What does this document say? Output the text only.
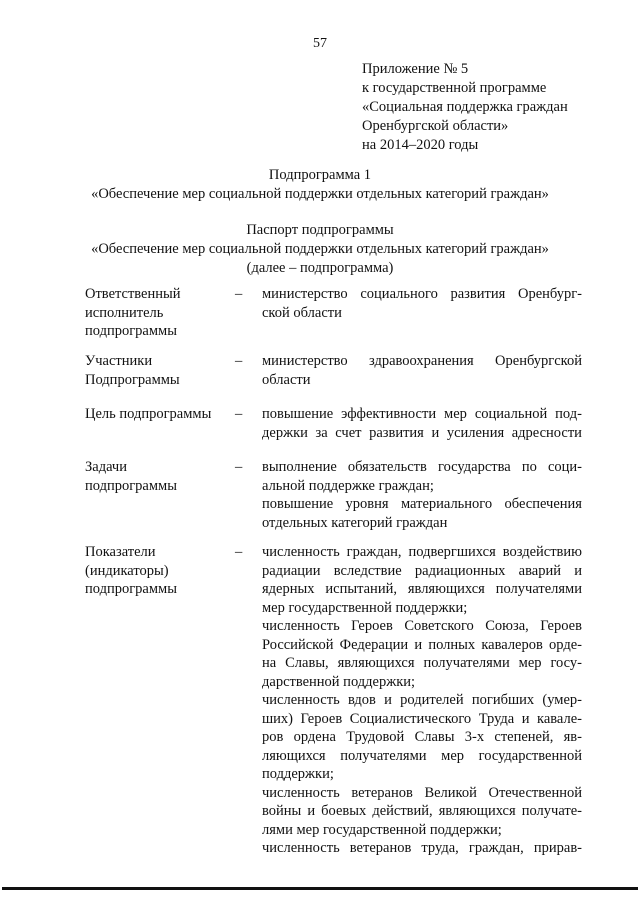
57
Приложение № 5
к государственной программе
«Социальная поддержка граждан
Оренбургской области»
на 2014–2020 годы
Подпрограмма 1
«Обеспечение мер социальной поддержки отдельных категорий граждан»
Паспорт подпрограммы
«Обеспечение мер социальной поддержки отдельных категорий граждан»
(далее – подпрограмма)
Ответственный
исполнитель
подпрограммы
– министерство социального развития Оренбург-
ской области
Участники
Подпрограммы
– министерство здравоохранения Оренбургской
области
Цель подпрограммы	– повышение эффективности мер социальной под-
держки за счет развития и усиления адресности
Задачи
подпрограммы
– выполнение обязательств государства по соци-
альной поддержке граждан;
повышение уровня материального обеспечения
отдельных категорий граждан
Показатели
(индикаторы)
подпрограммы
– численность граждан, подвергшихся воздействию
радиации вследствие радиационных аварий и
ядерных испытаний, являющихся получателями
мер государственной поддержки;
численность Героев Советского Союза, Героев
Российской Федерации и полных кавалеров орде-
на Славы, являющихся получателями мер госу-
дарственной поддержки;
численность вдов и родителей погибших (умер-
ших) Героев Социалистического Труда и кавале-
ров ордена Трудовой Славы 3-х степеней, яв-
ляющихся получателями мер государственной
поддержки;
численность ветеранов Великой Отечественной
войны и боевых действий, являющихся получате-
лями мер государственной поддержки;
численность ветеранов труда, граждан, прирав-
